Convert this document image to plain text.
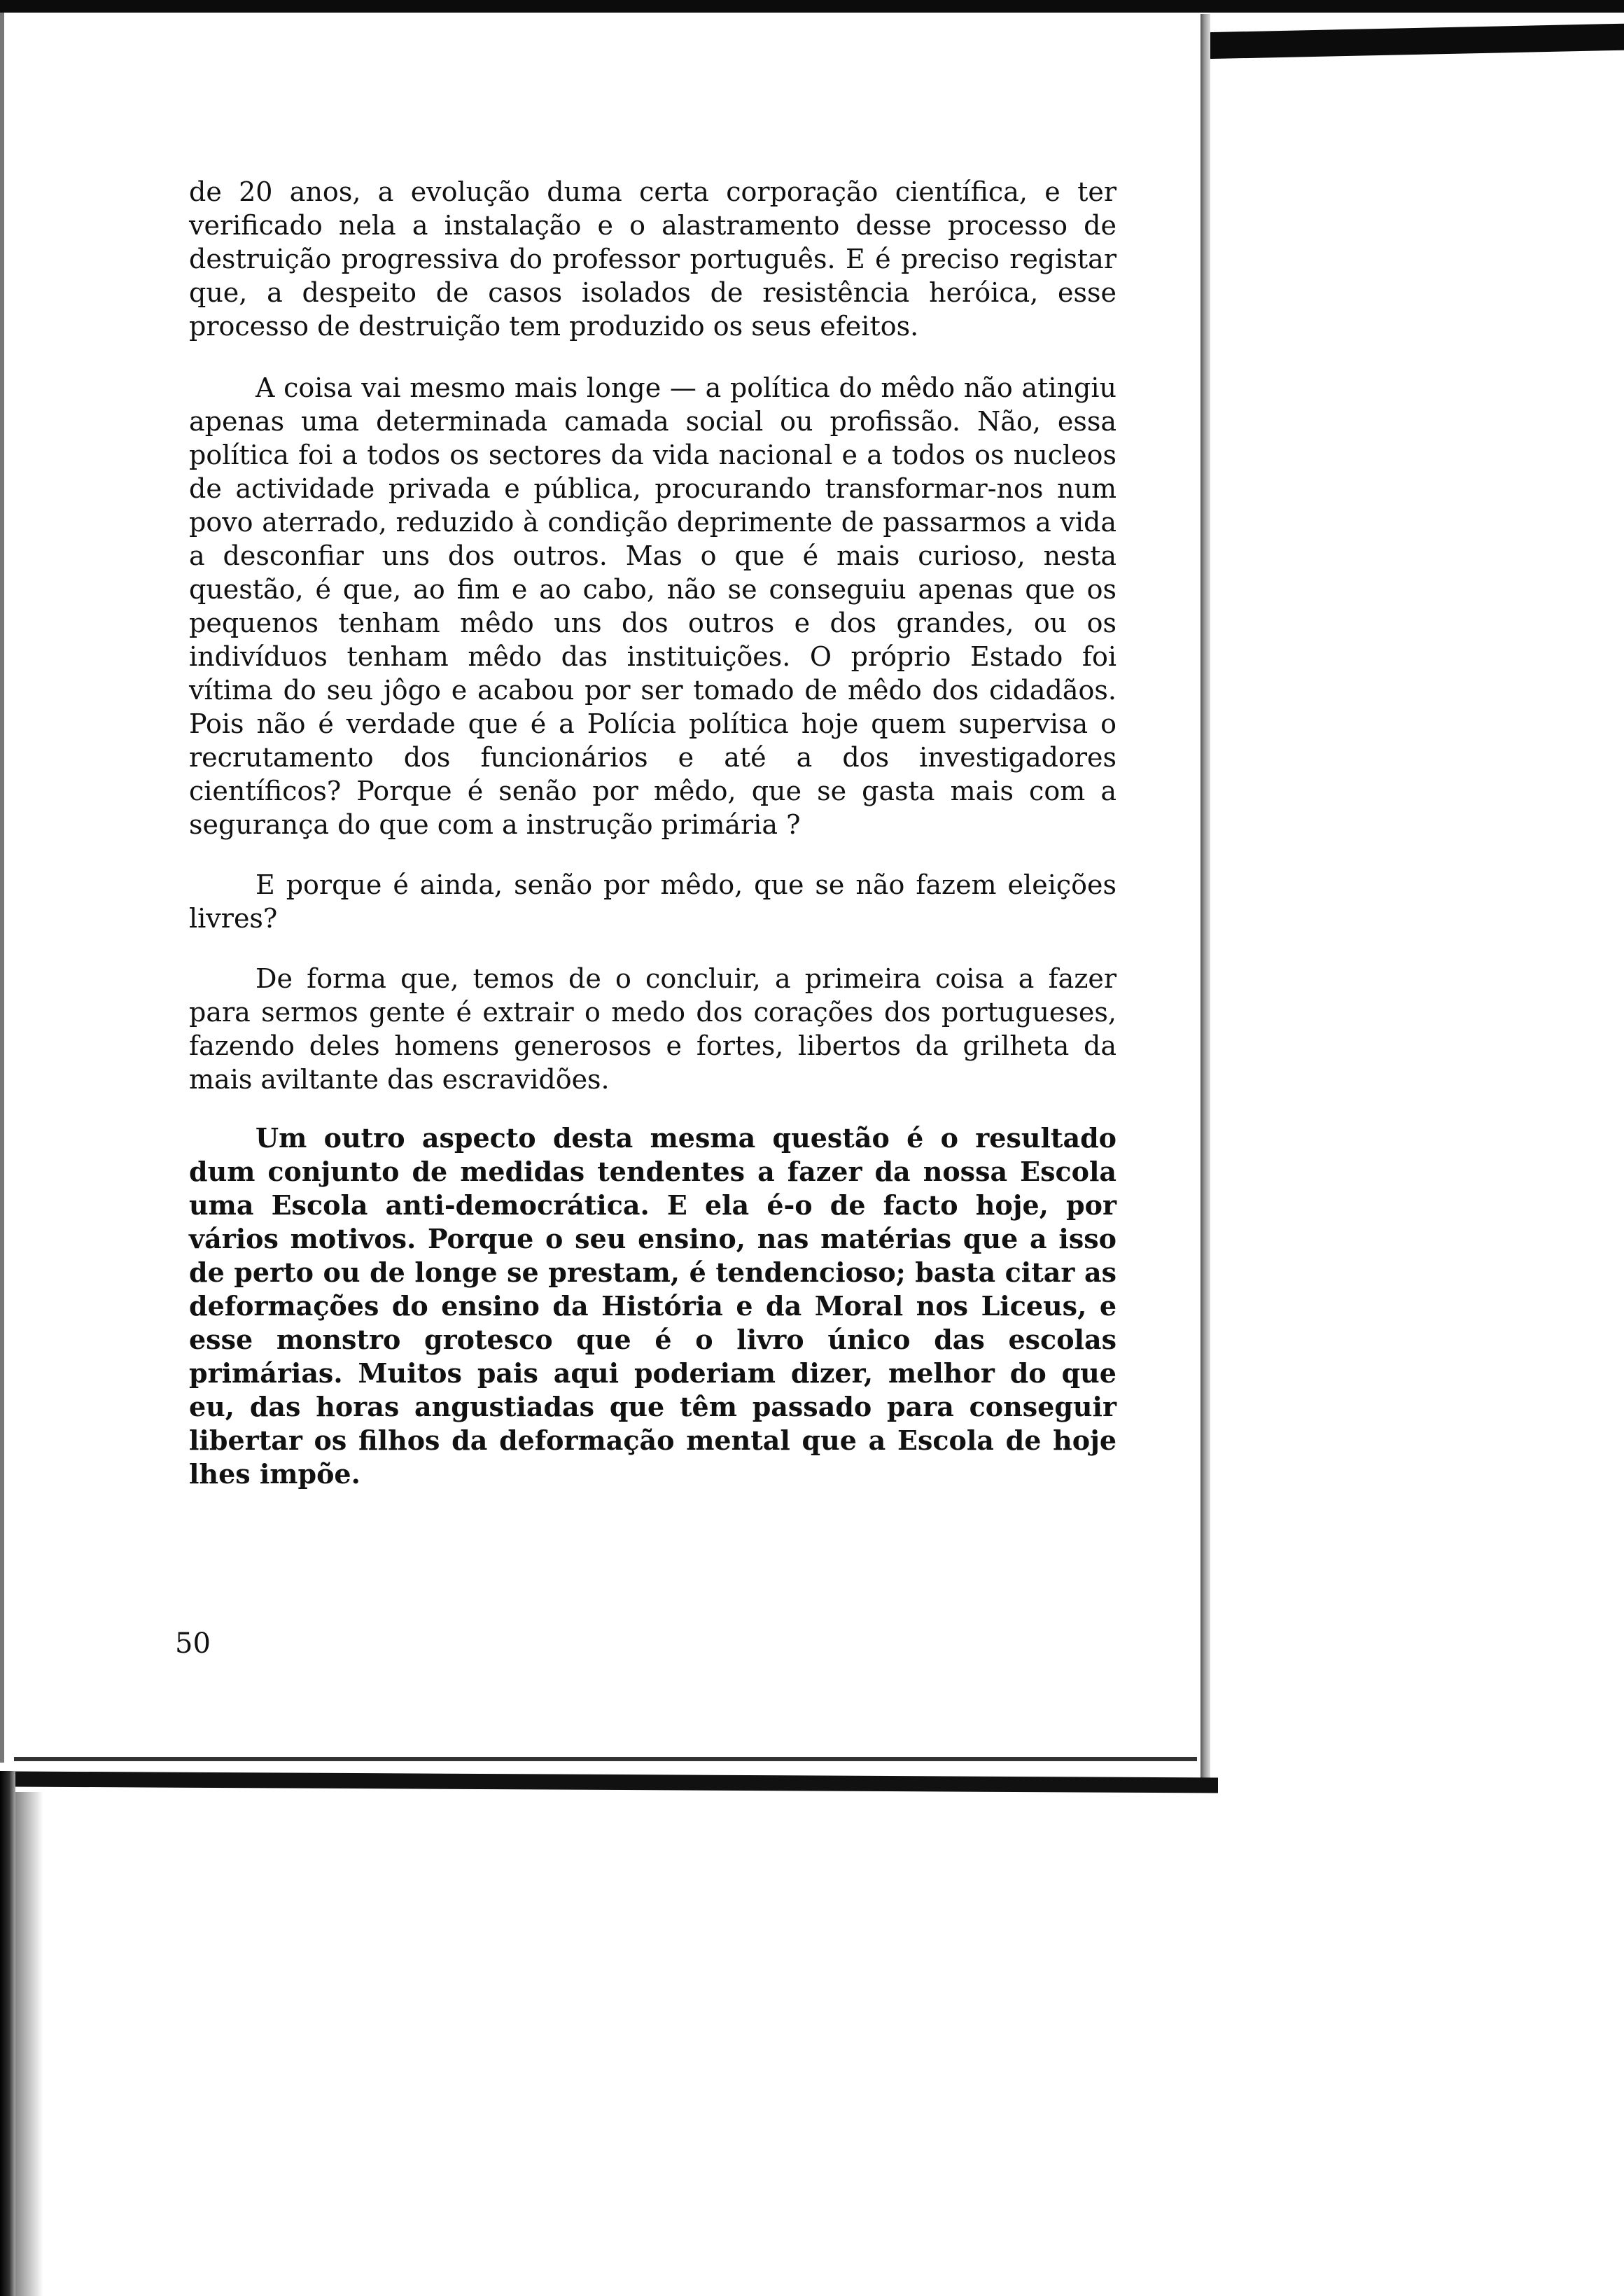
de 20 anos, a evolução duma certa corporação científica, e ter verificado nela a instalação e o alastramento desse processo de destruição progressiva do professor português. E é preciso registar que, a despeito de casos isolados de resistência heróica, esse processo de destruição tem produzido os seus efeitos.

A coisa vai mesmo mais longe — a política do mêdo não atingiu apenas uma determinada camada social ou profissão. Não, essa política foi a todos os sectores da vida nacional e a todos os nucleos de actividade privada e pública, procurando transformar-nos num povo aterrado, reduzido à condição deprimente de passarmos a vida a desconfiar uns dos outros. Mas o que é mais curioso, nesta questão, é que, ao fim e ao cabo, não se conseguiu apenas que os pequenos tenham mêdo uns dos outros e dos grandes, ou os indivíduos tenham mêdo das instituições. O próprio Estado foi vítima do seu jôgo e acabou por ser tomado de mêdo dos cidadãos. Pois não é verdade que é a Polícia política hoje quem supervisa o recrutamento dos funcionários e até a dos investigadores científicos? Porque é senão por mêdo, que se gasta mais com a segurança do que com a instrução primária ?

E porque é ainda, senão por mêdo, que se não fazem eleições livres?

De forma que, temos de o concluir, a primeira coisa a fazer para sermos gente é extrair o medo dos corações dos portugueses, fazendo deles homens generosos e fortes, libertos da grilheta da mais aviltante das escravidões.

Um outro aspecto desta mesma questão é o resultado dum conjunto de medidas tendentes a fazer da nossa Escola uma Escola anti-democrática. E ela é-o de facto hoje, por vários motivos. Porque o seu ensino, nas matérias que a isso de perto ou de longe se prestam, é tendencioso; basta citar as deformações do ensino da História e da Moral nos Liceus, e esse monstro grotesco que é o livro único das escolas primárias. Muitos pais aqui poderiam dizer, melhor do que eu, das horas angustiadas que têm passado para conseguir libertar os filhos da deformação mental que a Escola de hoje lhes impõe.

50
